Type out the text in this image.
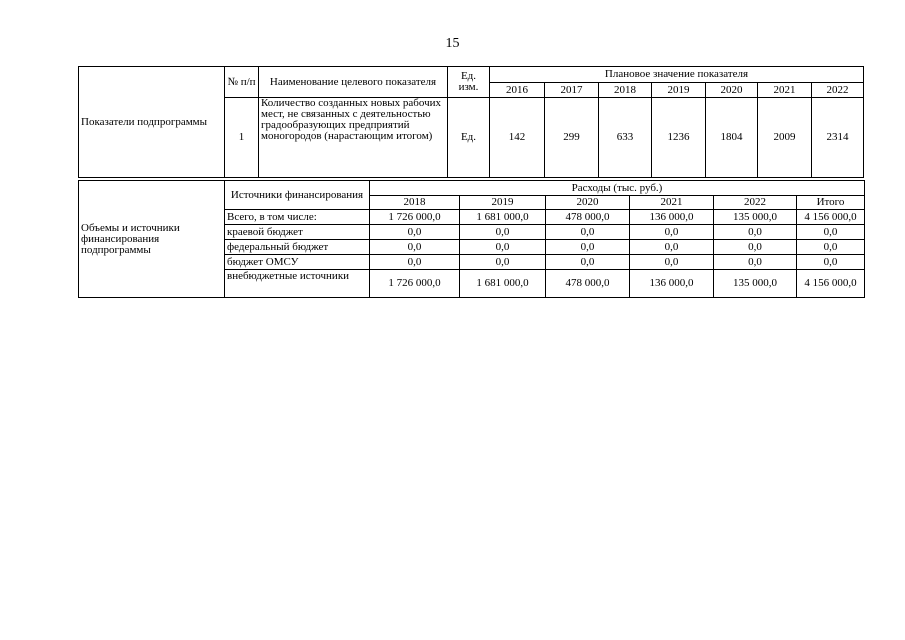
15
Показатели подпрограммы	№ п/п	Наименование целевого показателя	Ед. изм.	Плановое значение показателя						
				2016	2017	2018	2019	2020	2021	2022
	1	Количество созданных новых рабочих мест, не связанных с деятельностью градообразующих предприятий моногородов (нарастающим итогом)	Ед.	142	299	633	1236	1804	2009	2314
Объемы и источники финансирования подпрограммы	Источники финансирования	Расходы (тыс. руб.)					
		2018	2019	2020	2021	2022	Итого
	Всего, в том числе:	1 726 000,0	1 681 000,0	478 000,0	136 000,0	135 000,0	4 156 000,0
	краевой бюджет	0,0	0,0	0,0	0,0	0,0	0,0
	федеральный бюджет	0,0	0,0	0,0	0,0	0,0	0,0
	бюджет ОМСУ	0,0	0,0	0,0	0,0	0,0	0,0
	внебюджетные источники	1 726 000,0	1 681 000,0	478 000,0	136 000,0	135 000,0	4 156 000,0
